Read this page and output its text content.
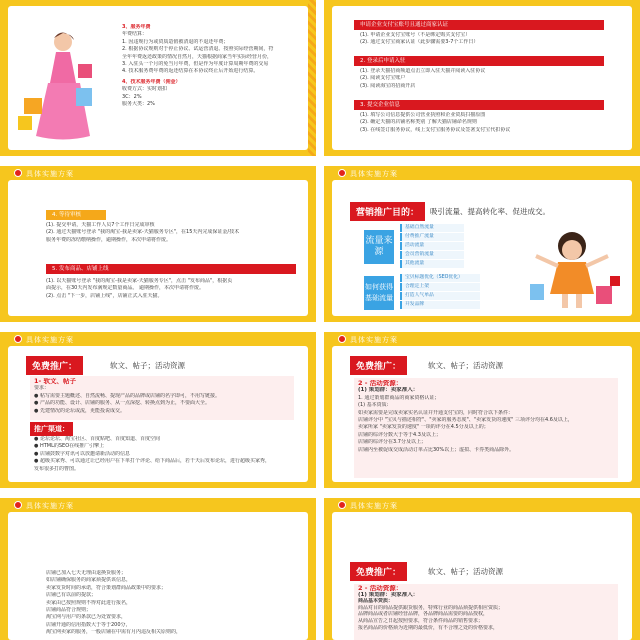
3、服务年费
年费结算：
1. 因违规行为或资质造假被清退的不退还年费；
2. 根据协议规则对于停止协议、试运营清退、按照实际经营期间，符
全年年费返还政策的情况自然月，天猫根据商家当年实际经营月份，
3. 入驻头一个月的免当月年费，但是作为年度计算周期年费的交易
4. 技术服务费年费的返还结算在本协议终止后开始进行结算。
4、技术服务年费（佣金）
收费方式：实时划扣
3C：2%
服务大类：2%
申请企业支付宝账号且通过商家认证
(1). 申请企业支付宝账号（不是绑定购买支付宝）
(2). 通过支付宝商家认证（此步骤需要3-7个工作日）
2. 登录后申请入驻
(1). 登录天猫招商频道点击立即入驻天猫并阅读入驻协议
(2). 阅读支付宝账户
(3). 阅读海宝的招商开店
3. 提交企业信息
(1). 填写公司信息提供公司营业执照和企业资质扫描原图
(2). 确定天猫的店铺名称类别 了解天猫店铺命名规则
(3). 在线签订服务协议，线上支付宝服务协议及签署支付宝代扣协议
具体实施方案
4. 等待审核
(1). 提交申请，天猫工作人员7个工作日完成审核
(2). 通过天猫账号登录 "我的淘宝-我是卖家-天猫服务专区"，在15天内完成保证金/技术
服务年费的冻结缴纳操作，逾期操作，本次申请将作废。
5. 发布商品、店铺上线
(1). 以天猫账号登录 "我的淘宝-我是卖家-天猫服务专区"，点击 "发布商品"，根据页
面提示，在30天内发布满规定数量商品。 逾期操作，本次申请将作废。
(2). 点击 "下一步，店铺上线"，店铺正式入驻天猫。
具体实施方案
营销推广目的：	吸引流量、提高转化率、促进成交。
流量来源
基础自然流量
付费推广流量
活动流量
会员营销流量
其他流量
如何获得基础流量
宝贝标题优化（SEO优化）
合理定上架
打造人气单品
开发品牌
具体实施方案
免费推广：	软文、帖子；活动资源
1- 软文、帖子
要求：
● 帖写需要主题概述、自然流畅、提现产品的品牌或店铺的名字即可，不用写链接。
● 产品的功能、设计、店铺的服务、从一点深挖、转换点到为止，不要面大全。
● 先建情况的论坛或流，更能投说成交。
推广渠道：
● 论坛论坛、淘宝社区、百度贴吧、百度知道、百度空间
● HTML的SEO在线推广引擎上
● 店铺鼓数字对讯可以放邀请新活动的信息
● 超级买家秀、可以通过让已经用户在下单打个评论、给下商品后，若干天后发布论坛，进行超级买家秀，
发布很多打的曹图。
具体实施方案
免费推广：	软文、帖子；活动资源
2 - 活动资源：
(1) 策划群：卖家准入：
1. 通过策划群商品的商家资格认证；
(1) 基本资质:
如卖家需要是完成卖家实名认证并开通支付宝的，同时符合以下条件：
店铺评分中 "宝贝与描述相符"、"卖家的服务态度"、"卖家发货的速度" 三项评分均在4.6及以上，
卖家所家 "卖家发货的速度" 一项的评分在4.5分及以上的；
店铺的综评分数大于等于4.3及以上；
店铺的综评分在3.7分及以上；
店铺内至被促成交成活动订单占比30%以上；虚拟、卡券类商品除外。
具体实施方案
店铺已加入七天无理由退换货服务；
如店铺确保服务的商家须提供该信息，
卖家发货时间的承诺，符合策划群商品政策中的要求；
店铺已有以前的提款；
卖家由已按照规则不得对此进行报名，
店铺商品符合规则；
淘宝网与用户的条款已为处置要求，
店铺开通的信用指数大于等于200分，
淘宝网卖家的服务，一般店铺在中需有月内违反相关原则的，
具体实施方案
免费推广：	软文、帖子；活动资源
2 - 活动资源：
(1) 策划群：卖家准入：
商品基本资质：
商品对目的商品提供跟货服务，特殊行业的商品须提供相应资质；
品牌商品或者店铺经营品牌，各品牌商品需要的商品授权，
从商品宣告之日起按照要求，符合条件商品的销售要求；
报名商品的价格须为近期的最低价，有不合理之处的价格要求，
